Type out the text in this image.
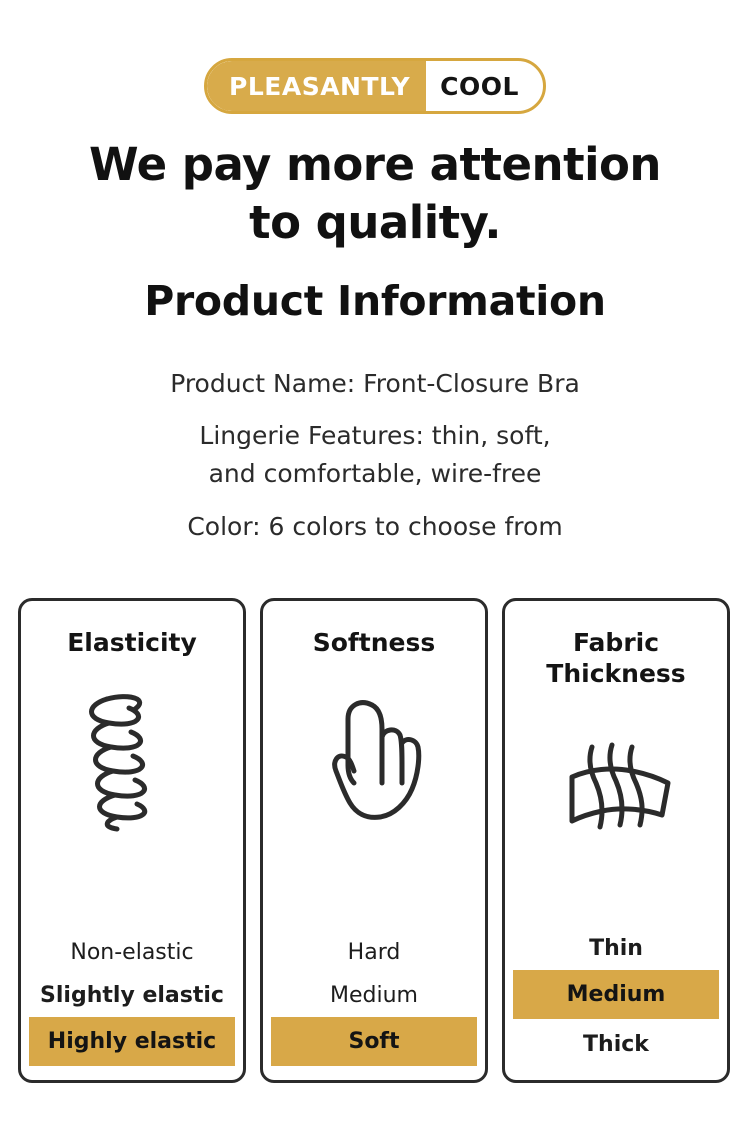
PLEASANTLY	COOL
We pay more attention
to quality.
Product Information
Product Name: Front-Closure Bra
Lingerie Features: thin, soft,
and comfortable, wire-free
Color: 6 colors to choose from
Elasticity
Non-elastic
Slightly elastic
Highly elastic
Softness
Hard
Medium
Soft
Fabric
Thickness
Thin
Medium
Thick
